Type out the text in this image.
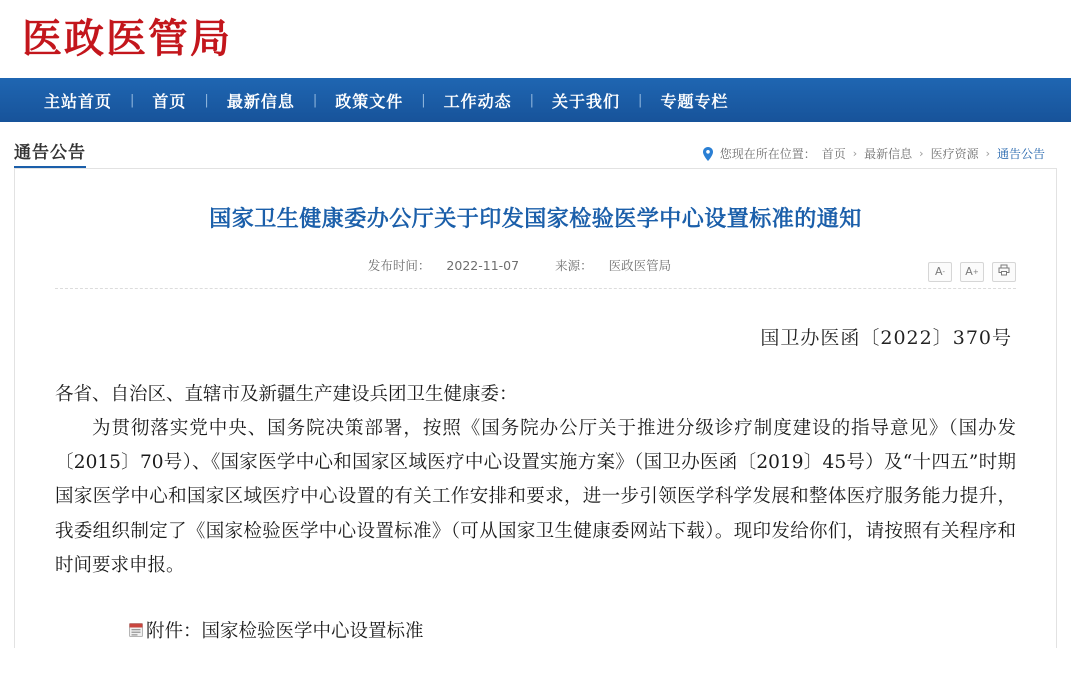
医政医管局
主站首页	|	首页	|	最新信息	|	政策文件	|	工作动态	|	关于我们	|	专题专栏
通告公告	您现在所在位置： 首页 › 最新信息 › 医疗资源 › 通告公告
国家卫生健康委办公厅关于印发国家检验医学中心设置标准的通知
发布时间： 2022-11-07	来源： 医政医管局	A - A +
国卫办医函〔2022〕370号

各省、自治区、直辖市及新疆生产建设兵团卫生健康委：

为贯彻落实党中央、国务院决策部署，按照《国务院办公厅关于推进分级诊疗制度建设的指导意见》（国办发〔2015〕70号）、《国家医学中心和国家区域医疗中心设置实施方案》（国卫办医函〔2019〕45号）及“十四五”时期国家医学中心和国家区域医疗中心设置的有关工作安排和要求，进一步引领医学科学发展和整体医疗服务能力提升，我委组织制定了《国家检验医学中心设置标准》（可从国家卫生健康委网站下载）。现印发给你们，请按照有关程序和时间要求申报。

附件：国家检验医学中心设置标准
